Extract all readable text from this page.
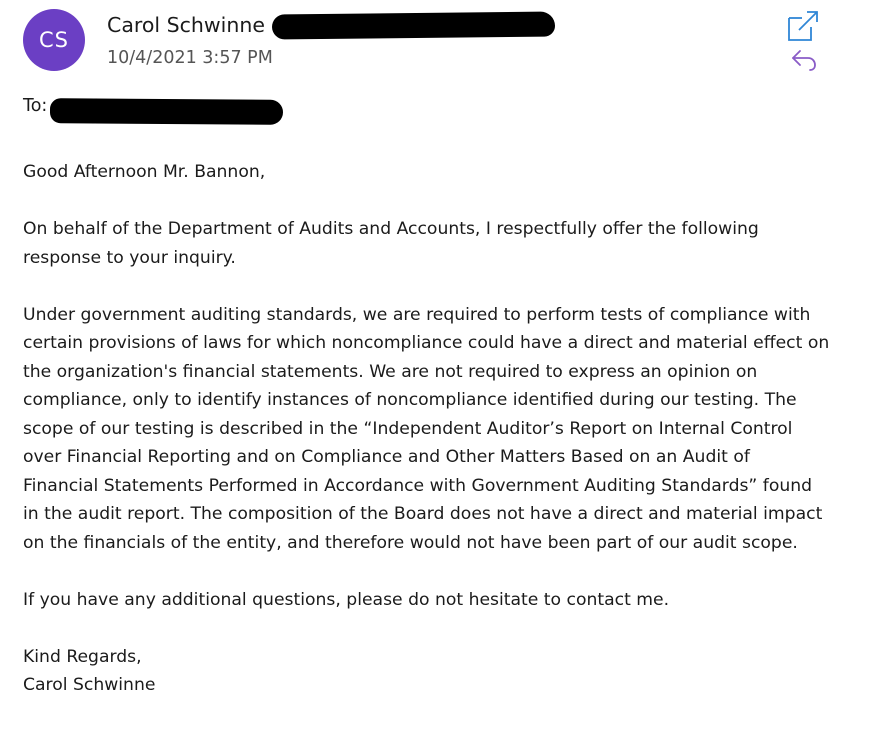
CS
Carol Schwinne
10/4/2021 3:57 PM
To:

Good Afternoon Mr. Bannon,

On behalf of the Department of Audits and Accounts, I respectfully offer the following
response to your inquiry.

Under government auditing standards, we are required to perform tests of compliance with
certain provisions of laws for which noncompliance could have a direct and material effect on
the organization's financial statements. We are not required to express an opinion on
compliance, only to identify instances of noncompliance identified during our testing. The
scope of our testing is described in the “Independent Auditor’s Report on Internal Control
over Financial Reporting and on Compliance and Other Matters Based on an Audit of
Financial Statements Performed in Accordance with Government Auditing Standards” found
in the audit report. The composition of the Board does not have a direct and material impact
on the financials of the entity, and therefore would not have been part of our audit scope.

If you have any additional questions, please do not hesitate to contact me.

Kind Regards,
Carol Schwinne
